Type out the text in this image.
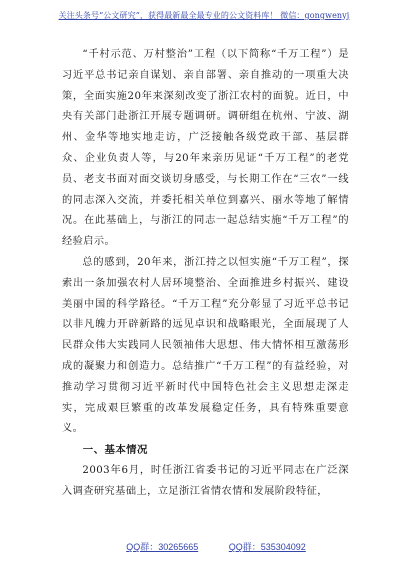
关注头条号“公文研究”，获得最新最全最专业的公文资料库！ 微信：gongwenyj

“千村示范、万村整治”工程（以下简称“千万工程”）是习近平总书记亲自谋划、亲自部署、亲自推动的一项重大决策，全面实施20年来深刻改变了浙江农村的面貌。近日，中央有关部门赴浙江开展专题调研。调研组在杭州、宁波、湖州、金华等地实地走访，广泛接触各级党政干部、基层群众、企业负责人等，与20年来亲历见证“千万工程”的老党员、老支书面对面交谈切身感受，与长期工作在“三农”一线的同志深入交流，并委托相关单位到嘉兴、丽水等地了解情况。在此基础上，与浙江的同志一起总结实施“千万工程”的经验启示。

总的感到，20年来，浙江持之以恒实施“千万工程”，探索出一条加强农村人居环境整治、全面推进乡村振兴、建设美丽中国的科学路径。“千万工程”充分彰显了习近平总书记以非凡魄力开辟新路的远见卓识和战略眼光，全面展现了人民群众伟大实践同人民领袖伟大思想、伟大情怀相互激荡形成的凝聚力和创造力。总结推广“千万工程”的有益经验，对推动学习贯彻习近平新时代中国特色社会主义思想走深走实，完成艰巨繁重的改革发展稳定任务，具有特殊重要意义。

一、基本情况

2003年6月，时任浙江省委书记的习近平同志在广泛深入调查研究基础上，立足浙江省情农情和发展阶段特征，

QQ群：30265665	QQ群：535304092
